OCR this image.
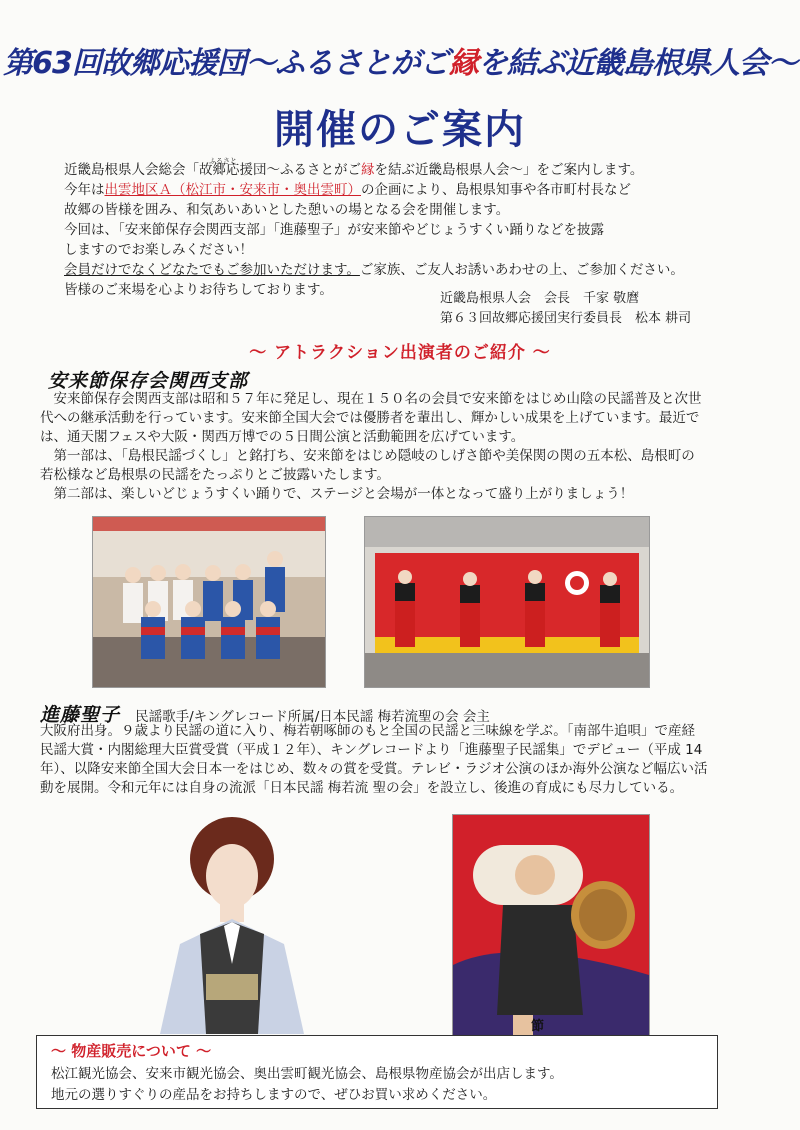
第63回故郷応援団～ふるさとがご縁を結ぶ近畿島根県人会～
開催のご案内

近畿島根県人会総会「
ふるさと
故郷応援団～ふるさとがご縁を結ぶ近畿島根県人会～」をご案内します。

今年は出雲地区Ａ（松江市・安来市・奥出雲町）の企画により、島根県知事や各市町村長など

故郷の皆様を囲み、和気あいあいとした憩いの場となる会を開催します。

今回は、「安来節保存会関西支部」「進藤聖子」が安来節やどじょうすくい踊りなどを披露

しますのでお楽しみください！

会員だけでなくどなたでもご参加いただけます。ご家族、ご友人お誘いあわせの上、ご参加ください。

皆様のご来場を心よりお待ちしております。

近畿島根県人会　会長　千家 敬麿

第６３回故郷応援団実行委員長　松本 耕司

～ アトラクション出演者のご紹介 ～
安来節保存会関西支部

　安来節保存会関西支部は昭和５７年に発足し、現在１５０名の会員で安来節をはじめ山陰の民謡普及と次世

代への継承活動を行っています。安来節全国大会では優勝者を輩出し、輝かしい成果を上げています。最近で

は、通天閣フェスや大阪・関西万博での５日間公演と活動範囲を広げています。

　第一部は、「島根民謡づくし」と銘打ち、安来節をはじめ隠岐のしげさ節や美保関の関の五本松、島根町の

若松様など島根県の民謡をたっぷりとご披露いたします。

　第二部は、楽しいどじょうすくい踊りで、ステージと会場が一体となって盛り上がりましょう！

進藤聖子 民謡歌手/キングレコード所属/日本民謡 梅若流聖の会 会主

大阪府出身。９歳より民謡の道に入り、梅若朝啄師のもと全国の民謡と三味線を学ぶ。「南部牛追唄」で産経

民謡大賞・内閣総理大臣賞受賞（平成１２年）、キングレコードより「進藤聖子民謡集」でデビュー（平成 14

年）、以降安来節全国大会日本一をはじめ、数々の賞を受賞。テレビ・ラジオ公演のほか海外公演など幅広い活

動を展開。令和元年には自身の流派「日本民謡 梅若流 聖の会」を設立し、後進の育成にも尽力している。

節
～ 物産販売について ～
松江観光協会、安来市観光協会、奥出雲町観光協会、島根県物産協会が出店します。
地元の選りすぐりの産品をお持ちしますので、ぜひお買い求めください。
